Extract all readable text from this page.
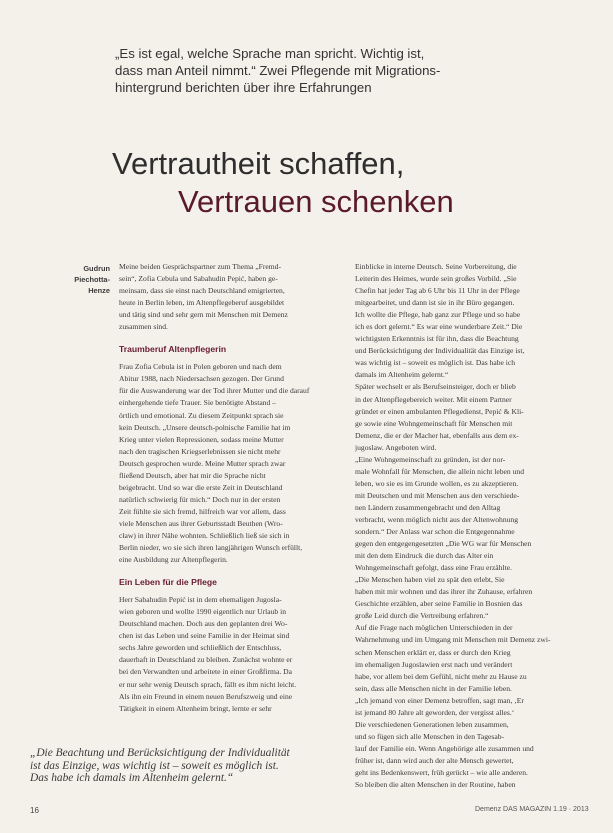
„Es ist egal, welche Sprache man spricht. Wichtig ist,
dass man Anteil nimmt.“ Zwei Pflegende mit Migrations-
hintergrund berichten über ihre Erfahrungen
Vertrautheit schaffen,
Vertrauen schenken
Gudrun
Piechotta-Henze

Meine beiden Gesprächspartner zum Thema „Fremd-
sein“, Zofia Cebula und Sabahudin Pepić, haben ge-
meinsam, dass sie einst nach Deutschland emigrierten,
heute in Berlin leben, im Altenpflegeberuf ausgebildet
und tätig sind und sehr gern mit Menschen mit Demenz
zusammen sind.

Traumberuf Altenpflegerin

Frau Zofia Cebula ist in Polen geboren und nach dem
Abitur 1988, nach Niedersachsen gezogen. Der Grund
für die Auswanderung war der Tod ihrer Mutter und die darauf
einhergehende tiefe Trauer. Sie benötigte Abstand –
örtlich und emotional. Zu diesem Zeitpunkt sprach sie
kein Deutsch. „Unsere deutsch-polnische Familie hat im
Krieg unter vielen Repressionen, sodass meine Mutter
nach den tragischen Kriegserlebnissen sie nicht mehr
Deutsch gesprochen wurde. Meine Mutter sprach zwar
fließend Deutsch, aber hat mir die Sprache nicht
beigebracht. Und so war die erste Zeit in Deutschland
natürlich schwierig für mich.“ Doch nur in der ersten
Zeit fühlte sie sich fremd, hilfreich war vor allem, dass
viele Menschen aus ihrer Geburtsstadt Beuthen (Wro-
cław) in ihrer Nähe wohnten. Schließlich ließ sie sich in
Berlin nieder, wo sie sich ihren langjährigen Wunsch erfüllt,
eine Ausbildung zur Altenpflegerin.

Ein Leben für die Pflege

Herr Sabahudin Pepić ist in dem ehemaligen Jugosla-
wien geboren und wollte 1990 eigentlich nur Urlaub in
Deutschland machen. Doch aus den geplanten drei Wo-
chen ist das Leben und seine Familie in der Heimat sind
sechs Jahre geworden und schließlich der Entschluss,
dauerhaft in Deutschland zu bleiben. Zunächst wohnte er
bei den Verwandten und arbeitete in einer Großfirma. Da
er nur sehr wenig Deutsch sprach, fällt es ihm nicht leicht.
Als ihn ein Freund in einem neuen Berufszweig und eine
Tätigkeit in einem Altenheim bringt, lernte er sehr

Einblicke in interne Deutsch. Seine Vorbereitung, die
Leiterin des Heimes, wurde sein großes Vorbild. „Sie
Chefin hat jeder Tag ab 6 Uhr bis 11 Uhr in der Pflege
mitgearbeitet, und dann ist sie in ihr Büro gegangen.
Ich wollte die Pflege, hab ganz zur Pflege und so habe
ich es dort gelernt.“ Es war eine wunderbare Zeit.“ Die
wichtigsten Erkenntnis ist für ihn, dass die Beachtung
und Berücksichtigung der Individualität das Einzige ist,
was wichtig ist – soweit es möglich ist. Das habe ich
damals im Altenheim gelernt.“

Später wechselt er als Berufseinsteiger, doch er blieb
in der Altenpflegebereich weiter. Mit einem Partner
gründet er einen ambulanten Pflegedienst, Pepić & Kli-
ge sowie eine Wohngemeinschaft für Menschen mit
Demenz, die er der Macher hat, ebenfalls aus dem ex-
jugoslaw. Angeboten wird.

„Eine Wohngemeinschaft zu gründen, ist der nor-
male Wohnfall für Menschen, die allein nicht leben und
leben, wo sie es im Grunde wollen, es zu akzeptieren.
mit Deutschen und mit Menschen aus den verschiede-
nen Ländern zusammengebracht und den Alltag
verbracht, wenn möglich nicht aus der Altenwohnung
sondern.“ Der Anlass war schon die Entgegennahme
gegen den entgegengesetzten „Die WG war für Menschen
mit den dem Eindruck die durch das Alter ein
Wohngemeinschaft gefolgt, dass eine Frau erzählte.
„Die Menschen haben viel zu spät den erlebt, Sie
haben mit mir wohnen und das ihrer ihr Zuhause, erfahren
Geschichte erzählen, aber seine Familie in Bosnien das
große Leid durch die Vertreibung erfahren.“

Auf die Frage nach möglichen Unterschieden in der
Wahrnehmung und im Umgang mit Menschen mit Demenz zwi-
schen Menschen erklärt er, dass er durch den Krieg
im ehemaligen Jugoslawien erst nach und verändert
habe, vor allem bei dem Gefühl, nicht mehr zu Hause zu
sein, dass alle Menschen nicht in der Familie leben.
„Ich jemand von einer Demenz betroffen, sagt man, ‚Er
ist jemand 80 Jahre alt geworden, der vergisst alles.‘
Die verschiedenen Generationen leben zusammen,
und so fügen sich alle Menschen in den Tagesab-
lauf der Familie ein. Wenn Angehörige alle zusammen und
früher ist, dann wird auch der alte Mensch gewertet,
geht ins Bedenkenswert, früh gerückt – wie alle anderen.
So bleiben die alten Menschen in der Routine, haben

„Die Beachtung und Berücksichtigung der Individualität
ist das Einzige, was wichtig ist – soweit es möglich ist.
Das habe ich damals im Altenheim gelernt.“
16	Demenz DAS MAGAZIN 1.19 · 2013
